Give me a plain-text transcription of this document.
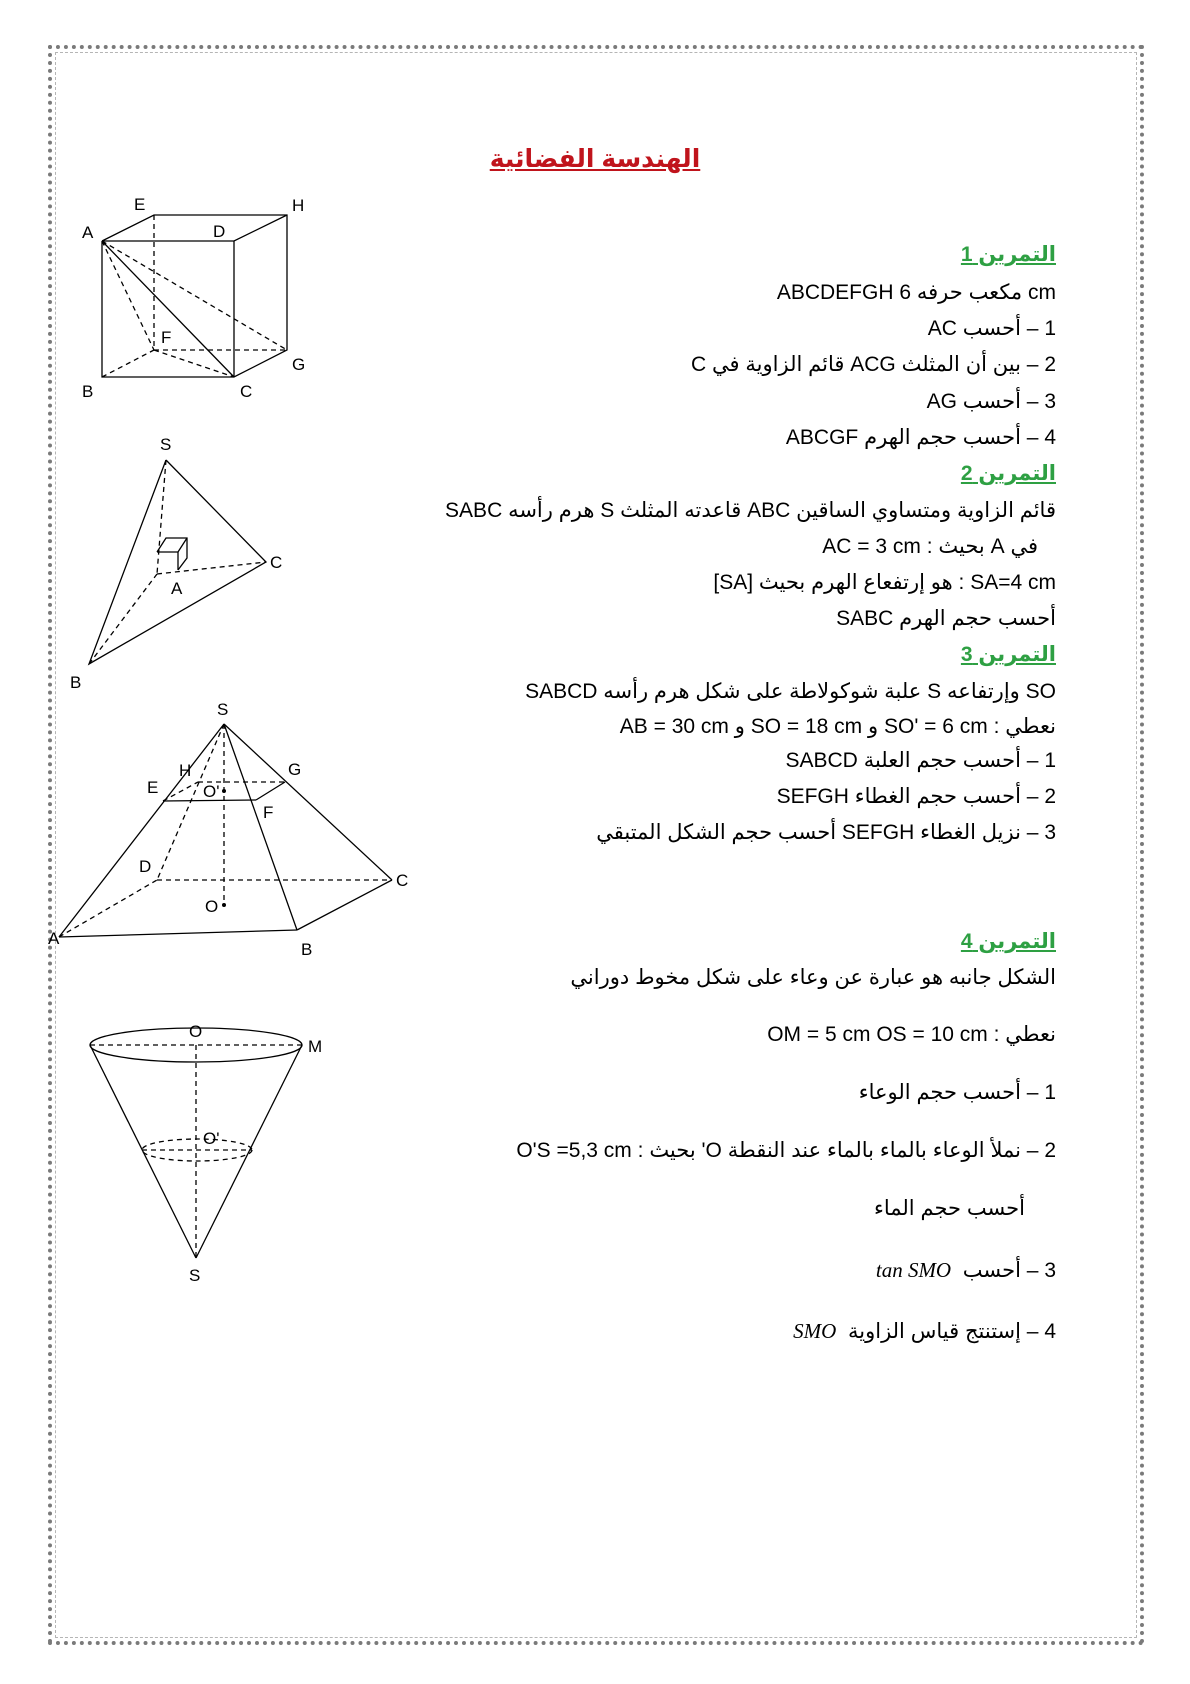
الهندسة الفضائية
التمرين 1
ABCDEFGH مكعب حرفه 6 cm
1 – أحسب AC
2 – بين أن المثلث ACG قائم الزاوية في C
3 – أحسب AG
4 – أحسب حجم الهرم ABCGF
التمرين 2
SABC هرم رأسه S قاعدته المثلث ABC قائم الزاوية ومتساوي الساقين
في A بحيث : AC = 3 cm
[SA] هو إرتفعاع الهرم بحيث : SA=4 cm
أحسب حجم الهرم SABC
التمرين 3
SABCD علبة شوكولاطة على شكل هرم رأسه S وإرتفاعه SO
نعطي : SO' = 6 cm و SO = 18 cm و AB = 30 cm
1 – أحسب حجم العلبة SABCD
2 – أحسب حجم الغطاء SEFGH
3 – نزيل الغطاء SEFGH أحسب حجم الشكل المتبقي
التمرين 4
الشكل جانبه هو عبارة عن وعاء على شكل مخوط دوراني
نعطي : OM = 5 cm OS = 10 cm
1 – أحسب حجم الوعاء
2 – نملأ الوعاء بالماء بالماء عند النقطة O' بحيث : O'S =5,3 cm
أحسب حجم الماء
3 – أحسب  tan SMO
4 – إستنتج قياس الزاوية  SMO
A
B	C
D
E
F
G
H
S
A
B
C
S
H	G
E	O'
F
D
C
O
A
B
O
M
O'
S
